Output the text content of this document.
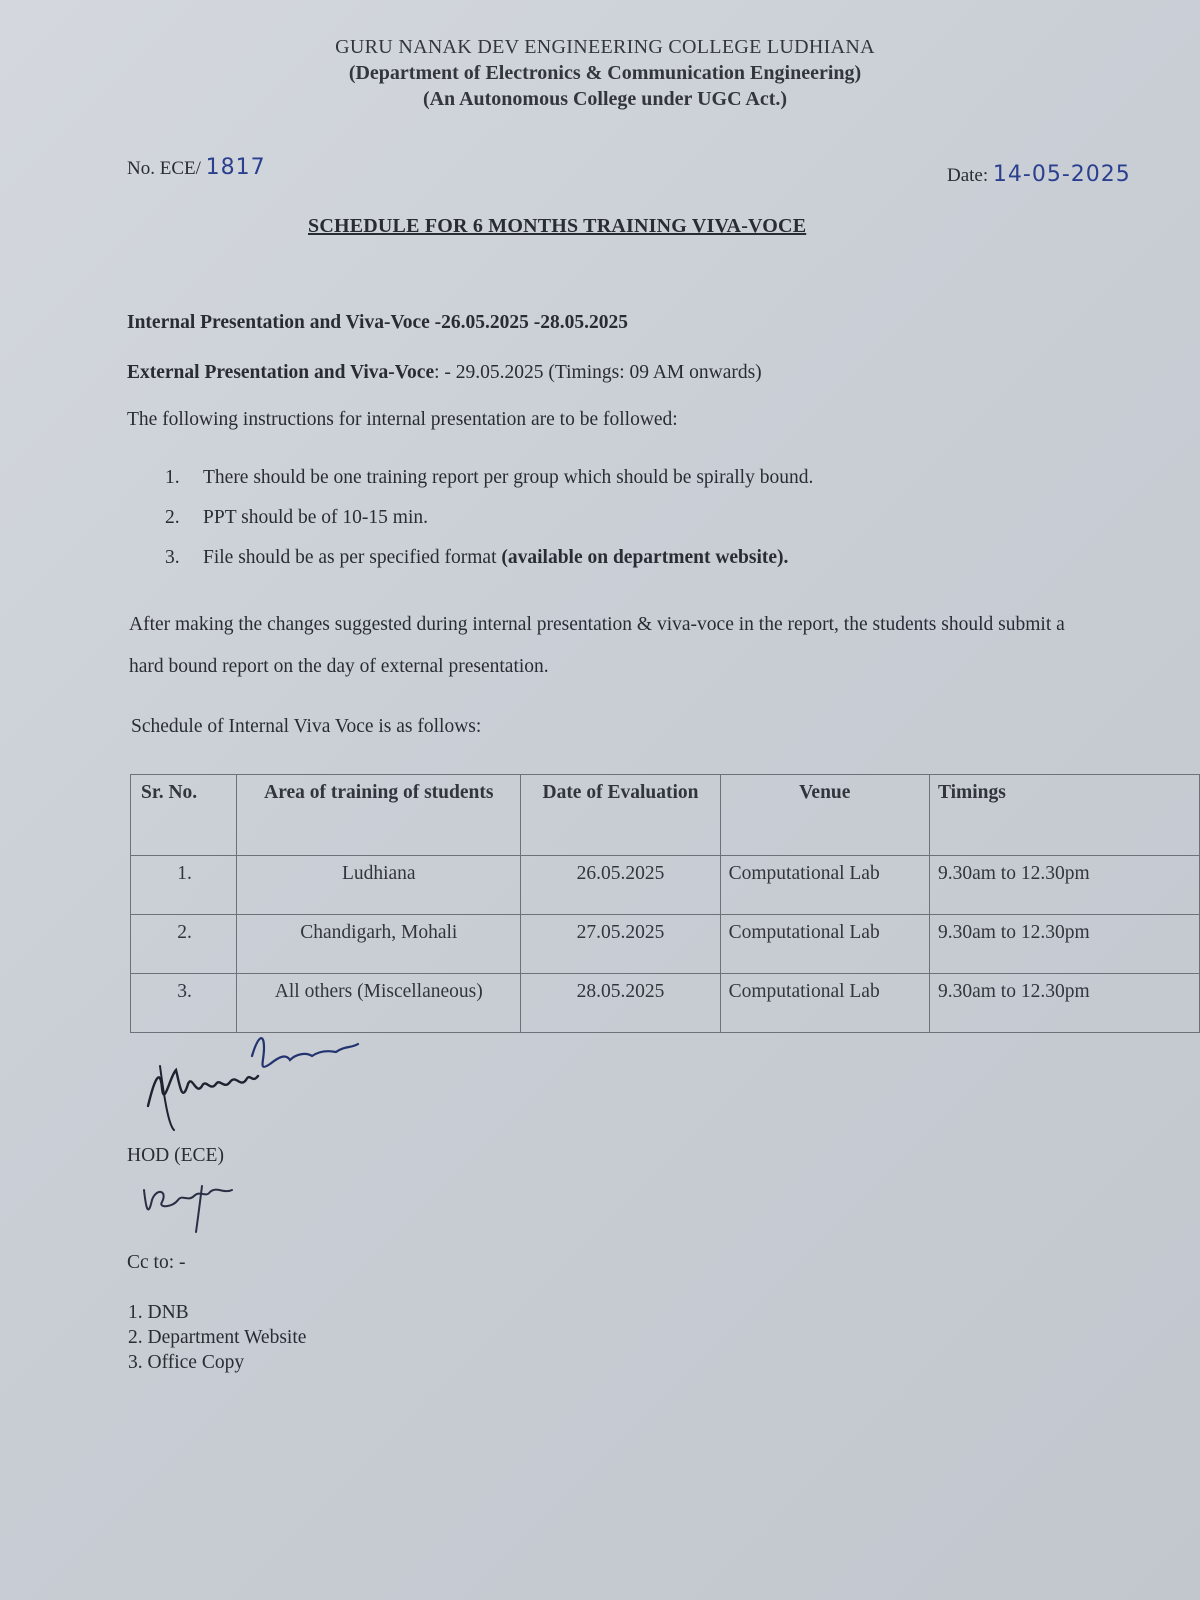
GURU NANAK DEV ENGINEERING COLLEGE LUDHIANA
(Department of Electronics & Communication Engineering)
(An Autonomous College under UGC Act.)
No. ECE/ 1817	Date: 14-05-2025
SCHEDULE FOR 6 MONTHS TRAINING VIVA-VOCE
Internal Presentation and Viva-Voce -26.05.2025 -28.05.2025
External Presentation and Viva-Voce: - 29.05.2025 (Timings: 09 AM onwards)
The following instructions for internal presentation are to be followed:
1. There should be one training report per group which should be spirally bound.
2. PPT should be of 10-15 min.
3. File should be as per specified format (available on department website).
After making the changes suggested during internal presentation & viva-voce in the report, the students should submit a hard bound report on the day of external presentation.
Schedule of Internal Viva Voce is as follows:
Sr. No.	Area of training of students	Date of Evaluation	Venue	Timings
1.	Ludhiana	26.05.2025	Computational Lab	9.30am to 12.30pm
2.	Chandigarh, Mohali	27.05.2025	Computational Lab	9.30am to 12.30pm
3.	All others (Miscellaneous)	28.05.2025	Computational Lab	9.30am to 12.30pm
HOD (ECE)
Cc to: -
1. DNB
2. Department Website
3. Office Copy
